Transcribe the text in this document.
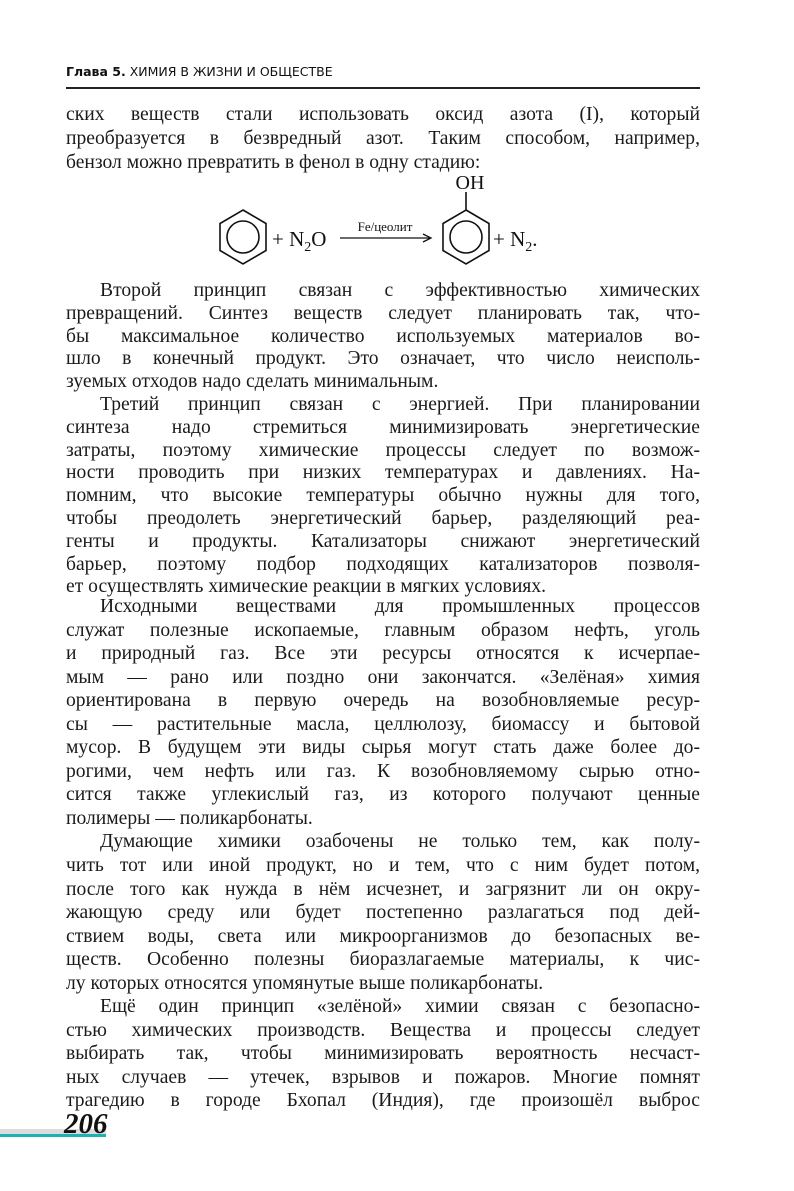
Глава 5. ХИМИЯ В ЖИЗНИ И ОБЩЕСТВЕ
ских веществ стали использовать оксид азота (I), который
преобразуется в безвредный азот. Таким способом, например,
бензол можно превратить в фенол в одну стадию:
+ $N_2O$
Fe/цеолит
OH
+ $N_2$.
Второй принцип связан с эффективностью химических
превращений. Синтез веществ следует планировать так, что-
бы максимальное количество используемых материалов во-
шло в конечный продукт. Это означает, что число неисполь-
зуемых отходов надо сделать минимальным.
Третий принцип связан с энергией. При планировании
синтеза надо стремиться минимизировать энергетические
затраты, поэтому химические процессы следует по возмож-
ности проводить при низких температурах и давлениях. На-
помним, что высокие температуры обычно нужны для того,
чтобы преодолеть энергетический барьер, разделяющий реа-
генты и продукты. Катализаторы снижают энергетический
барьер, поэтому подбор подходящих катализаторов позволя-
ет осуществлять химические реакции в мягких условиях.
Исходными веществами для промышленных процессов
служат полезные ископаемые, главным образом нефть, уголь
и природный газ. Все эти ресурсы относятся к исчерпае-
мым — рано или поздно они закончатся. «Зелёная» химия
ориентирована в первую очередь на возобновляемые ресур-
сы — растительные масла, целлюлозу, биомассу и бытовой
мусор. В будущем эти виды сырья могут стать даже более до-
рогими, чем нефть или газ. К возобновляемому сырью отно-
сится также углекислый газ, из которого получают ценные
полимеры — поликарбонаты.
Думающие химики озабочены не только тем, как полу-
чить тот или иной продукт, но и тем, что с ним будет потом,
после того как нужда в нём исчезнет, и загрязнит ли он окру-
жающую среду или будет постепенно разлагаться под дей-
ствием воды, света или микроорганизмов до безопасных ве-
ществ. Особенно полезны биоразлагаемые материалы, к чис-
лу которых относятся упомянутые выше поликарбонаты.
Ещё один принцип «зелёной» химии связан с безопасно-
стью химических производств. Вещества и процессы следует
выбирать так, чтобы минимизировать вероятность несчаст-
ных случаев — утечек, взрывов и пожаров. Многие помнят
трагедию в городе Бхопал (Индия), где произошёл выброс
206
